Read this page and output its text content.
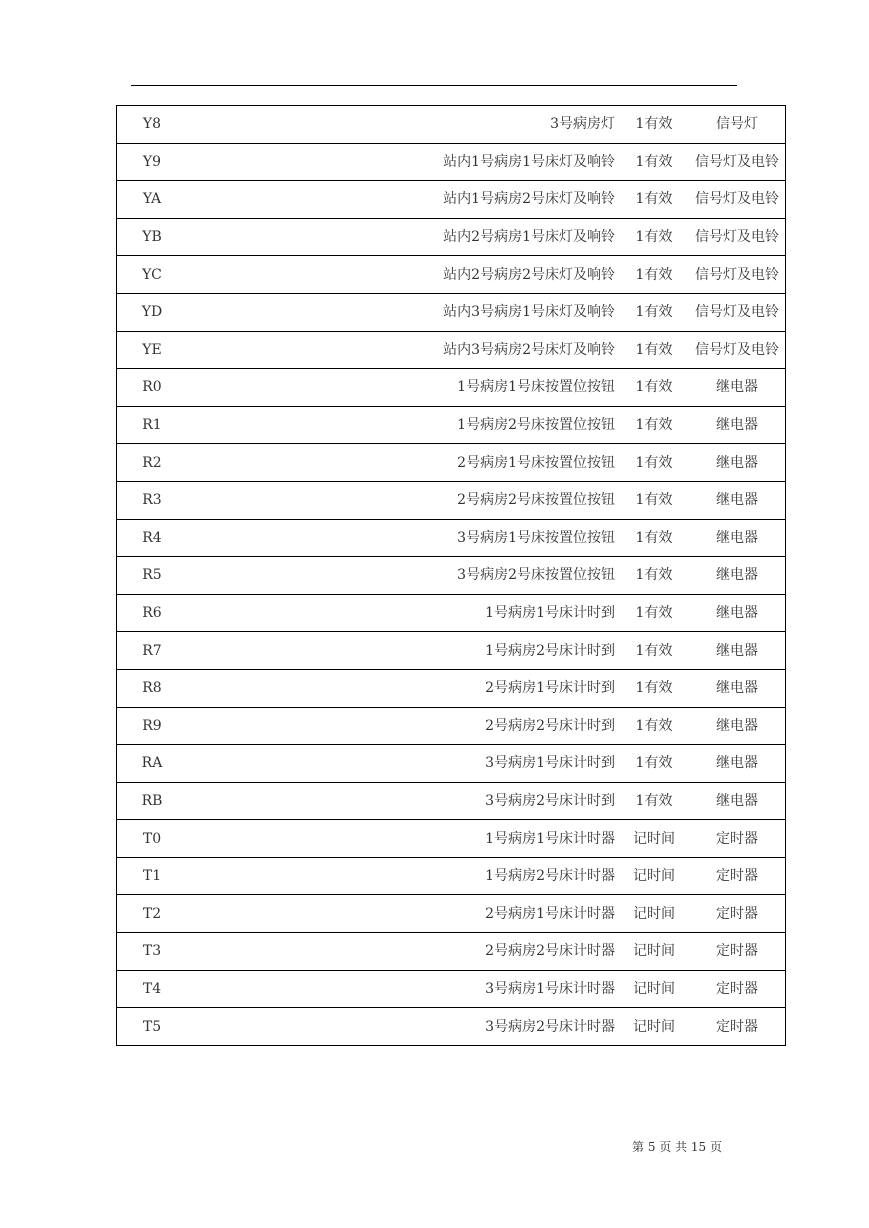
Y8	3号病房灯	1有效	信号灯
Y9	站内1号病房1号床灯及响铃	1有效	信号灯及电铃
YA	站内1号病房2号床灯及响铃	1有效	信号灯及电铃
YB	站内2号病房1号床灯及响铃	1有效	信号灯及电铃
YC	站内2号病房2号床灯及响铃	1有效	信号灯及电铃
YD	站内3号病房1号床灯及响铃	1有效	信号灯及电铃
YE	站内3号病房2号床灯及响铃	1有效	信号灯及电铃
R0	1号病房1号床按置位按钮	1有效	继电器
R1	1号病房2号床按置位按钮	1有效	继电器
R2	2号病房1号床按置位按钮	1有效	继电器
R3	2号病房2号床按置位按钮	1有效	继电器
R4	3号病房1号床按置位按钮	1有效	继电器
R5	3号病房2号床按置位按钮	1有效	继电器
R6	1号病房1号床计时到	1有效	继电器
R7	1号病房2号床计时到	1有效	继电器
R8	2号病房1号床计时到	1有效	继电器
R9	2号病房2号床计时到	1有效	继电器
RA	3号病房1号床计时到	1有效	继电器
RB	3号病房2号床计时到	1有效	继电器
T0	1号病房1号床计时器	记时间	定时器
T1	1号病房2号床计时器	记时间	定时器
T2	2号病房1号床计时器	记时间	定时器
T3	2号病房2号床计时器	记时间	定时器
T4	3号病房1号床计时器	记时间	定时器
T5	3号病房2号床计时器	记时间	定时器
第 5 页 共 15 页
